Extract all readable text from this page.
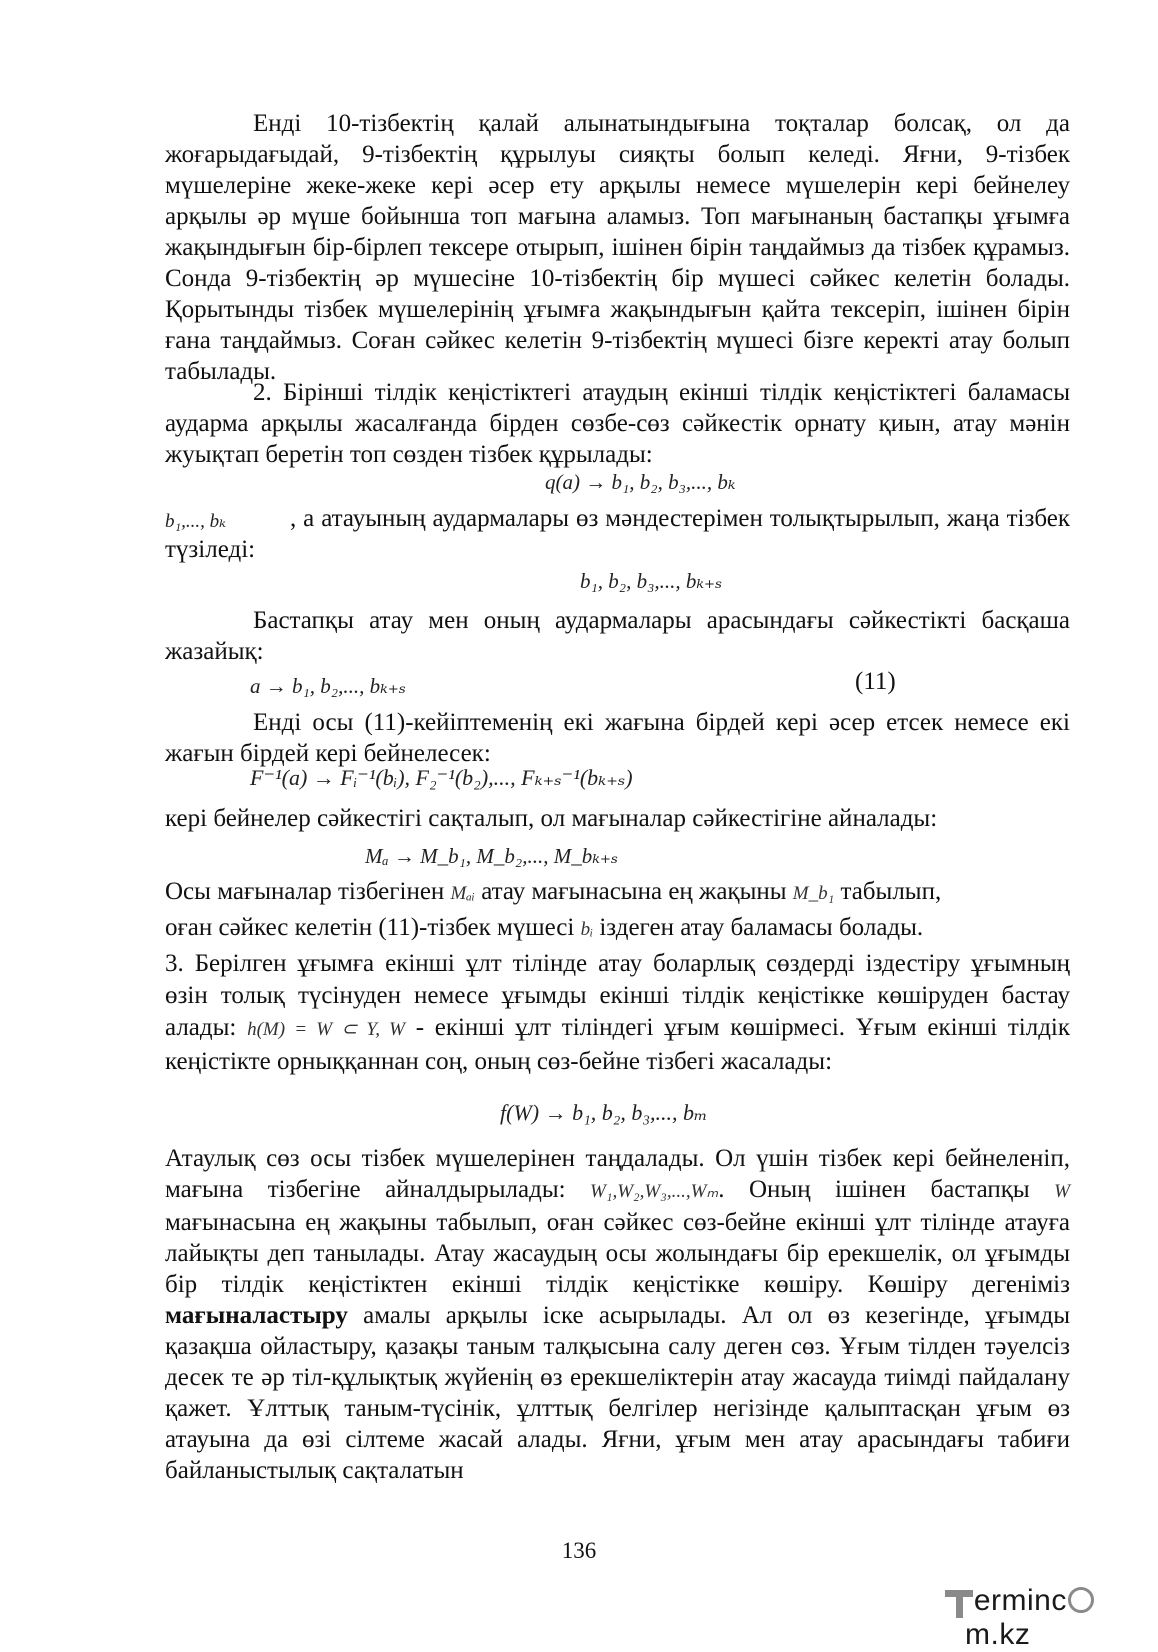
Енді 10-тізбектің қалай алынатындығына тоқталар болсақ, ол да жоғарыдағыдай, 9-тізбектің құрылуы сияқты болып келеді. Яғни, 9-тізбек мүшелеріне жеке-жеке кері әсер ету арқылы немесе мүшелерін кері бейнелеу арқылы әр мүше бойынша топ мағына аламыз. Топ мағынаның бастапқы ұғымға жақындығын бір-бірлеп тексере отырып, ішінен бірін таңдаймыз да тізбек құрамыз. Сонда 9-тізбектің әр мүшесіне 10-тізбектің бір мүшесі сәйкес келетін болады. Қорытынды тізбек мүшелерінің ұғымға жақындығын қайта тексеріп, ішінен бірін ғана таңдаймыз. Соған сәйкес келетін 9-тізбектің мүшесі бізге керекті атау болып табылады.

2. Бірінші тілдік кеңістіктегі атаудың екінші тілдік кеңістіктегі баламасы аударма арқылы жасалғанда бірден сөзбе-сөз сәйкестік орнату қиын, атау мәнін жуықтап беретін топ сөзден тізбек құрылады:

q(a) → b₁, b₂, b₃,..., bₖ
b₁,..., bₖ	, a атауының аудармалары өз мәндестерімен толықтырылып, жаңа тізбек түзіледі:

b₁, b₂, b₃,..., bₖ₊ₛ

Бастапқы атау мен оның аудармалары арасындағы сәйкестікті басқаша жазайық:

a → b₁, b₂,..., bₖ₊ₛ	(11)

Енді осы (11)-кейіптеменің екі жағына бірдей кері әсер етсек немесе екі жағын бірдей кері бейнелесек:

F⁻¹(a) → Fᵢ⁻¹(bᵢ), F₂⁻¹(b₂),..., Fₖ₊ₛ⁻¹(bₖ₊ₛ)

кері бейнелер сәйкестігі сақталып, ол мағыналар сәйкестігіне айналады:

Mₐ → M_b₁, M_b₂,..., M_bₖ₊ₛ
Осы мағыналар тізбегінен Mₐᵢ атау мағынасына ең жақыны M_b₁ табылып,
оған сәйкес келетін (11)-тізбек мүшесі bᵢ іздеген атау баламасы болады.
3. Берілген ұғымға екінші ұлт тілінде атау боларлық сөздерді іздестіру ұғымның өзін толық түсінуден немесе ұғымды екінші тілдік кеңістікке көшіруден бастау алады: h(M) = W ⊂ Y, W - екінші ұлт тіліндегі ұғым көшірмесі. Ұғым екінші тілдік кеңістікте орныққаннан соң, оның сөз-бейне тізбегі жасалады:
f(W) → b₁, b₂, b₃,..., bₘ
Атаулық сөз осы тізбек мүшелерінен таңдалады. Ол үшін тізбек кері бейнеленіп, мағына тізбегіне айналдырылады: W₁,W₂,W₃,...,Wₘ. Оның ішінен бастапқы W мағынасына ең жақыны табылып, оған сәйкес сөз-бейне екінші ұлт тілінде атауға лайықты деп танылады. Атау жасаудың осы жолындағы бір ерекшелік, ол ұғымды бір тілдік кеңістіктен екінші тілдік кеңістікке көшіру. Көшіру дегеніміз мағыналастыру амалы арқылы іске асырылады. Ал ол өз кезегінде, ұғымды қазақша ойластыру, қазақы таным талқысына салу деген сөз. Ұғым тілден тәуелсіз десек те әр тіл-құлықтық жүйенің өз ерекшеліктерін атау жасауда тиімді пайдалану қажет. Ұлттық таным-түсінік, ұлттық белгілер негізінде қалыптасқан ұғым өз атауына да өзі сілтеме жасай алады. Яғни, ұғым мен атау арасындағы табиғи байланыстылық сақталатын
136
ermincm.kz
